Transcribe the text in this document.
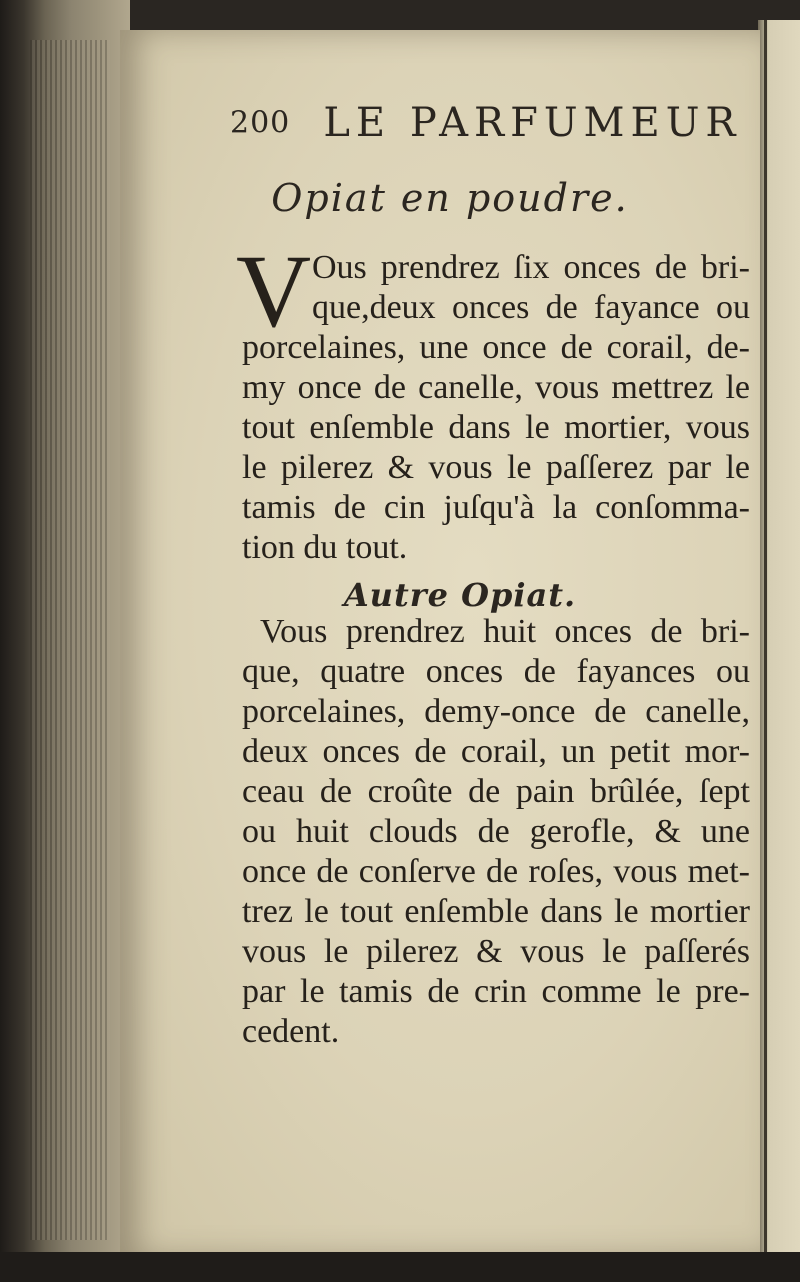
200 LE PARFUMEUR
Opiat en poudre.
V Ous prendrez ſix onces de bri-
que,deux onces de fayance ou
porcelaines, une once de corail, de-
my once de canelle, vous mettrez le
tout enſemble dans le mortier, vous
le pilerez & vous le paſſerez par le
tamis de cin juſqu'à la conſomma-
tion du tout.
Autre Opiat.
Vous prendrez huit onces de bri-
que, quatre onces de fayances ou
porcelaines, demy-once de canelle,
deux onces de corail, un petit mor-
ceau de croûte de pain brûlée, ſept
ou huit clouds de gerofle, & une
once de conſerve de roſes, vous met-
trez le tout enſemble dans le mortier
vous le pilerez & vous le paſſerés
par le tamis de crin comme le pre-
cedent.
